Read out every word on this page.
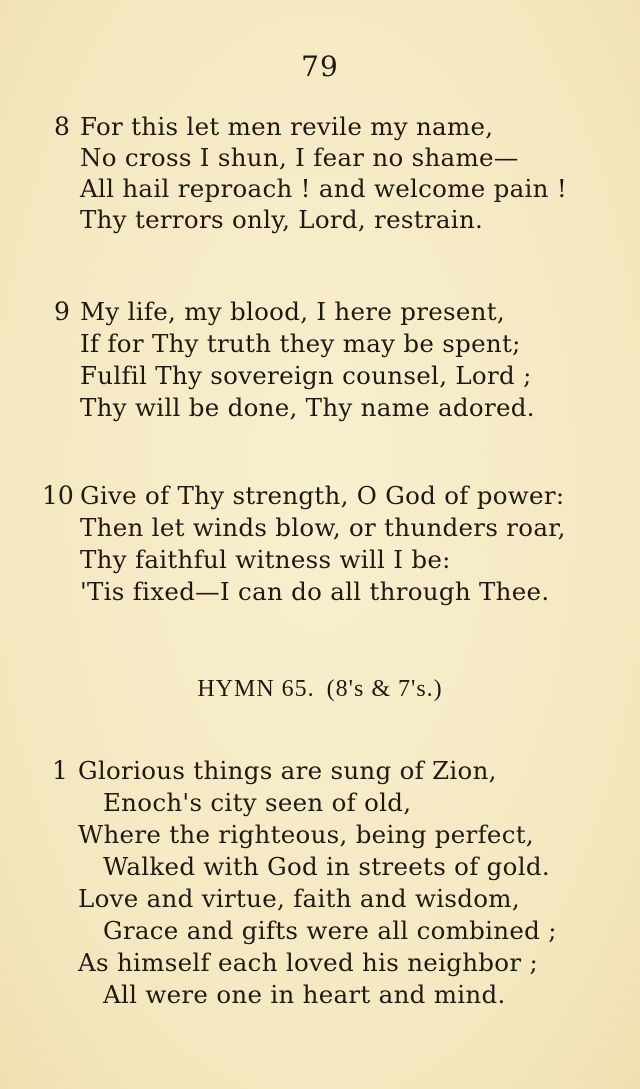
79
8 For this let men revile my name,
No cross I shun, I fear no shame—
All hail reproach ! and welcome pain !
Thy terrors only, Lord, restrain.
9 My life, my blood, I here present,
If for Thy truth they may be spent;
Fulfil Thy sovereign counsel, Lord ;
Thy will be done, Thy name adored.
10 Give of Thy strength, O God of power:
Then let winds blow, or thunders roar,
Thy faithful witness will I be:
'Tis fixed—I can do all through Thee.
HYMN 65. (8's & 7's.)
1 Glorious things are sung of Zion,
Enoch's city seen of old,
Where the righteous, being perfect,
Walked with God in streets of gold.
Love and virtue, faith and wisdom,
Grace and gifts were all combined ;
As himself each loved his neighbor ;
All were one in heart and mind.
